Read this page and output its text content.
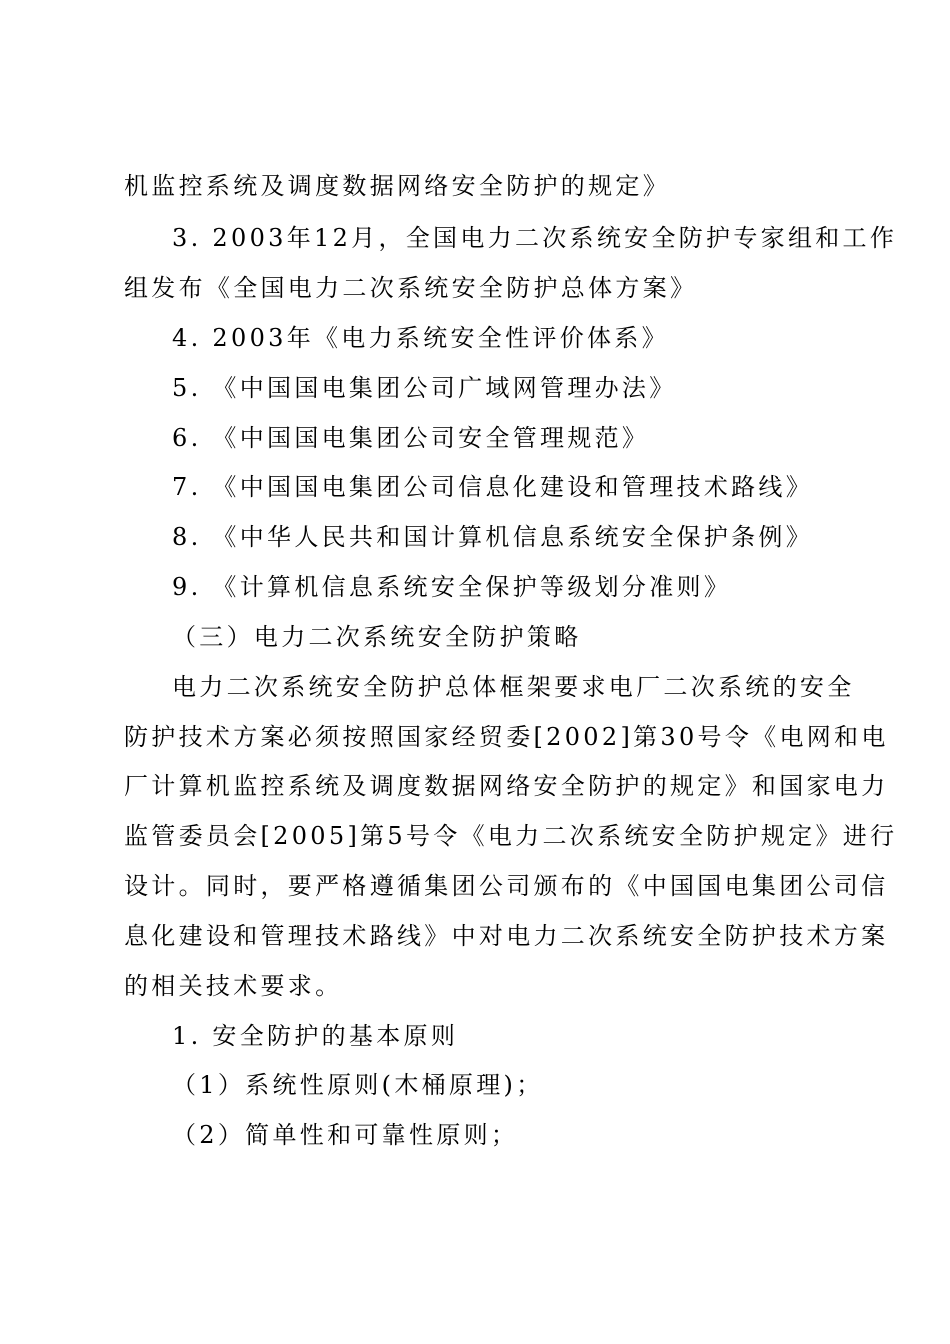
机监控系统及调度数据网络安全防护的规定》
3. 2003年12月，全国电力二次系统安全防护专家组和工作
组发布《全国电力二次系统安全防护总体方案》
4. 2003年《电力系统安全性评价体系》
5. 《中国国电集团公司广域网管理办法》
6. 《中国国电集团公司安全管理规范》
7. 《中国国电集团公司信息化建设和管理技术路线》
8. 《中华人民共和国计算机信息系统安全保护条例》
9. 《计算机信息系统安全保护等级划分准则》
（三）电力二次系统安全防护策略
电力二次系统安全防护总体框架要求电厂二次系统的安全
防护技术方案必须按照国家经贸委[2002]第30号令《电网和电
厂计算机监控系统及调度数据网络安全防护的规定》和国家电力
监管委员会[2005]第5号令《电力二次系统安全防护规定》进行
设计。同时，要严格遵循集团公司颁布的《中国国电集团公司信
息化建设和管理技术路线》中对电力二次系统安全防护技术方案
的相关技术要求。
1. 安全防护的基本原则
（1）系统性原则(木桶原理)；
（2）简单性和可靠性原则；
